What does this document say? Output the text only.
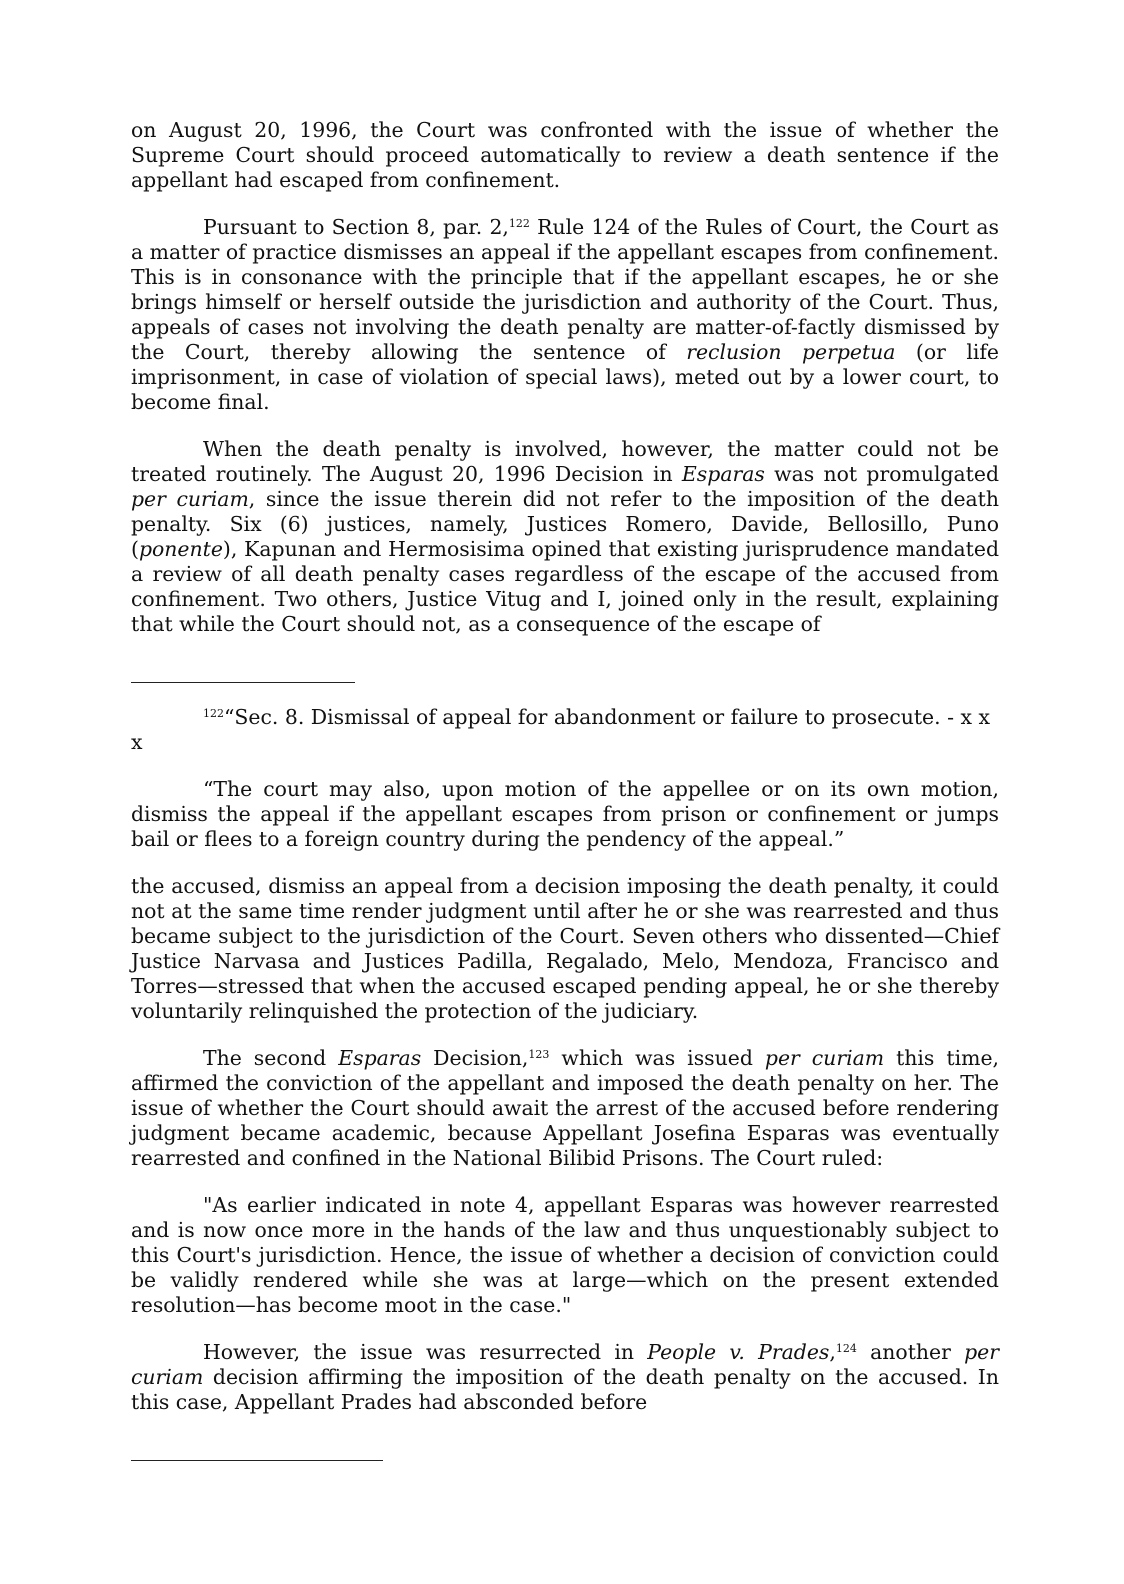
on August 20, 1996, the Court was confronted with the issue of whether the Supreme Court should proceed automatically to review a death sentence if the appellant had escaped from confinement.

Pursuant to Section 8, par. 2,$^{122}$ Rule 124 of the Rules of Court, the Court as a matter of practice dismisses an appeal if the appellant escapes from confinement. This is in consonance with the principle that if the appellant escapes, he or she brings himself or herself outside the jurisdiction and authority of the Court. Thus, appeals of cases not involving the death penalty are matter-of-factly dismissed by the Court, thereby allowing the sentence of reclusion perpetua (or life imprisonment, in case of violation of special laws), meted out by a lower court, to become final.

When the death penalty is involved, however, the matter could not be treated routinely. The August 20, 1996 Decision in Esparas was not promulgated per curiam, since the issue therein did not refer to the imposition of the death penalty. Six (6) justices, namely, Justices Romero, Davide, Bellosillo, Puno (ponente), Kapunan and Hermosisima opined that existing jurisprudence mandated a review of all death penalty cases regardless of the escape of the accused from confinement. Two others, Justice Vitug and I, joined only in the result, explaining that while the Court should not, as a consequence of the escape of

$^{122}$“Sec. 8. Dismissal of appeal for abandonment or failure to prosecute. - x x x

“The court may also, upon motion of the appellee or on its own motion, dismiss the appeal if the appellant escapes from prison or confinement or jumps bail or flees to a foreign country during the pendency of the appeal.”

the accused, dismiss an appeal from a decision imposing the death penalty, it could not at the same time render judgment until after he or she was rearrested and thus became subject to the jurisdiction of the Court. Seven others who dissented—Chief Justice Narvasa and Justices Padilla, Regalado, Melo, Mendoza, Francisco and Torres—stressed that when the accused escaped pending appeal, he or she thereby voluntarily relinquished the protection of the judiciary.

The second Esparas Decision,$^{123}$ which was issued per curiam this time, affirmed the conviction of the appellant and imposed the death penalty on her. The issue of whether the Court should await the arrest of the accused before rendering judgment became academic, because Appellant Josefina Esparas was eventually rearrested and confined in the National Bilibid Prisons. The Court ruled:

"As earlier indicated in note 4, appellant Esparas was however rearrested and is now once more in the hands of the law and thus unquestionably subject to this Court's jurisdiction. Hence, the issue of whether a decision of conviction could be validly rendered while she was at large—which on the present extended resolution—has become moot in the case."

However, the issue was resurrected in People v. Prades,$^{124}$ another per curiam decision affirming the imposition of the death penalty on the accused. In this case, Appellant Prades had absconded before
